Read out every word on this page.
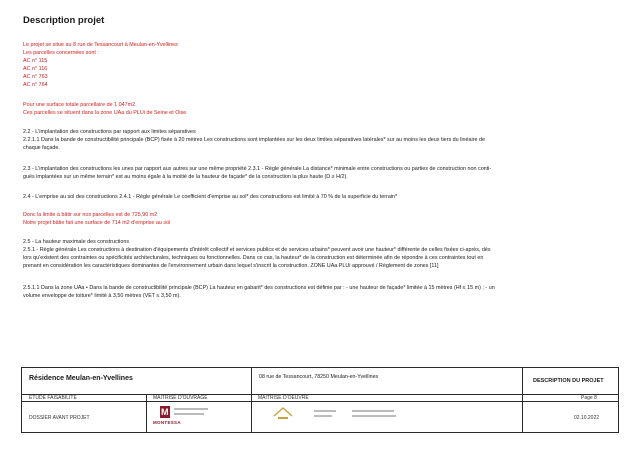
Description projet
Le projet se situe au 8 rue de Tessancourt à Meulan-en-Yvellines
Les parcelles concernées sont :
AC n° 115
AC n° 116
AC n° 763
AC n° 764
Pour une surface totale parcellaire de 1 047m2.
Ces parcelles se situent dans la zone UAa du PLUi de Seine et Oise
2.2 - L'implantation des constructions par rapport aux limites séparatives
2.2.1.1 Dans la bande de constructibilité principale (BCP) fixée à 20 mètres Les constructions sont implantées sur les deux limites séparatives latérales* sur au moins les deux tiers du linéaire de
chaque façade.
2.3 - L'implantation des constructions les unes par rapport aux autres sur une même propriété 2.3.1 - Règle générale La distance* minimale entre constructions ou parties de construction non conti-
guës implantées sur un même terrain* est au moins égale à la moitié de la hauteur de façade* de la construction la plus haute (D ≥ H/2).
2.4 - L'emprise au sol des constructions 2.4.1 - Règle générale Le coefficient d'emprise au sol* des constructions est limité à 70 % de la superficie du terrain*
Donc la limite à bâtir sur nos parcelles est de 725,90 m2
Notre projet bâtie fait une surface de 714 m2 d'emprise au sol
2.5 - La hauteur maximale des constructions
2.5.1 - Règle générale Les constructions à destination d'équipements d'intérêt collectif et services publics et de services urbains* peuvent avoir une hauteur* différente de celles fixées ci-après, dès
lors qu'existent des contraintes ou spécificités architecturales, techniques ou fonctionnelles. Dans ce cas, la hauteur* de la construction est déterminée afin de répondre à ces contraintes tout en
prenant en considération les caractéristiques dominantes de l'environnement urbain dans lequel s'inscrit la construction. ZONE UAa PLUi approuvé / Règlement de zones [11]
2.5.1.1 Dans la zone UAa • Dans la bande de constructibilité principale (BCP) La hauteur en gabarit* des constructions est définie par : - une hauteur de façade* limitée à 15 mètres (Hf ≤ 15 m) ; - un
volume enveloppe de toiture* limité à 3,50 mètres (VET ≤ 3,50 m).
Résidence Meulan-en-Yvellines	08 rue de Tessancourt, 78250 Meulan-en-Yvellines
DESCRIPTION DU PROJET
ÉTUDE FAISABILITÉ	MAITRISE D'OUVRAGE	MAITRISE D'OEUVRE	Page 8
DOSSIER AVANT PROJET	02.10.2022
M
MONTESSA
